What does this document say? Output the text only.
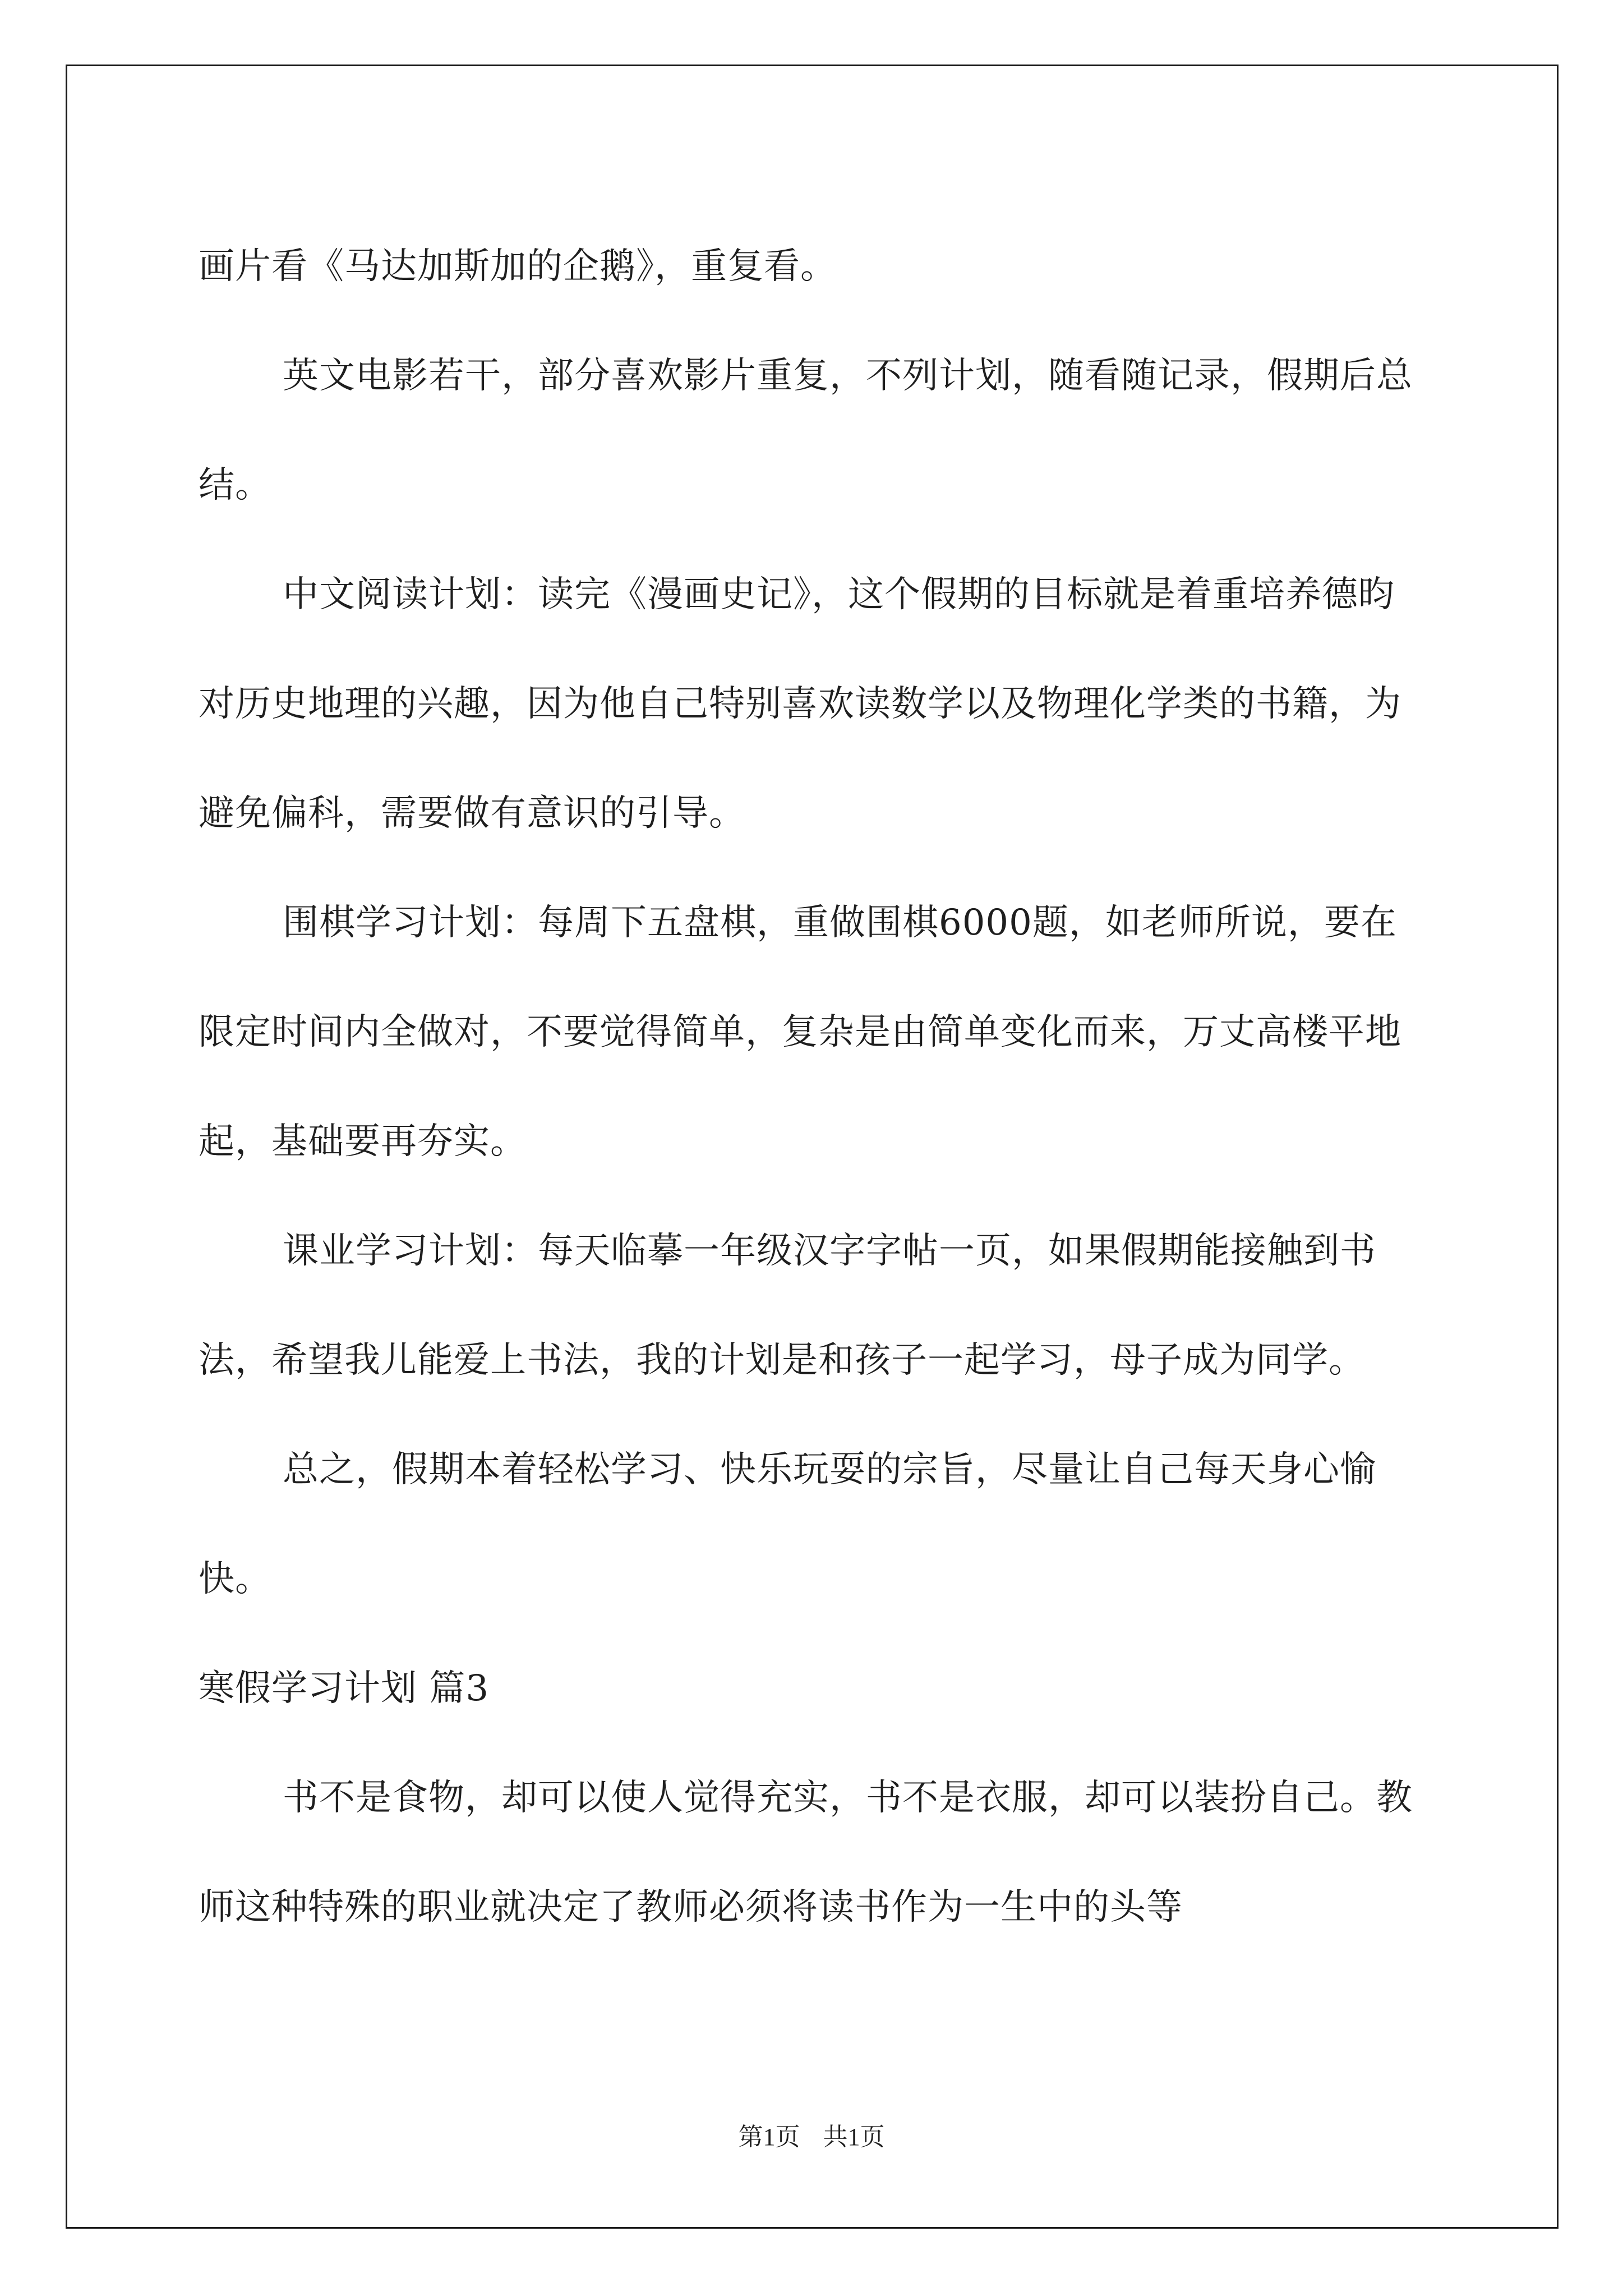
画片看《马达加斯加的企鹅》，重复看。

英文电影若干，部分喜欢影片重复，不列计划，随看随记录，假期后总结。

中文阅读计划：读完《漫画史记》，这个假期的目标就是着重培养德昀对历史地理的兴趣，因为他自己特别喜欢读数学以及物理化学类的书籍，为避免偏科，需要做有意识的引导。

围棋学习计划：每周下五盘棋，重做围棋6000题，如老师所说，要在限定时间内全做对，不要觉得简单，复杂是由简单变化而来，万丈高楼平地起，基础要再夯实。

课业学习计划：每天临摹一年级汉字字帖一页，如果假期能接触到书法，希望我儿能爱上书法，我的计划是和孩子一起学习，母子成为同学。

总之，假期本着轻松学习、快乐玩耍的宗旨，尽量让自己每天身心愉快。

寒假学习计划 篇3

书不是食物，却可以使人觉得充实，书不是衣服，却可以装扮自己。教师这种特殊的职业就决定了教师必须将读书作为一生中的头等

第1页 共1页
